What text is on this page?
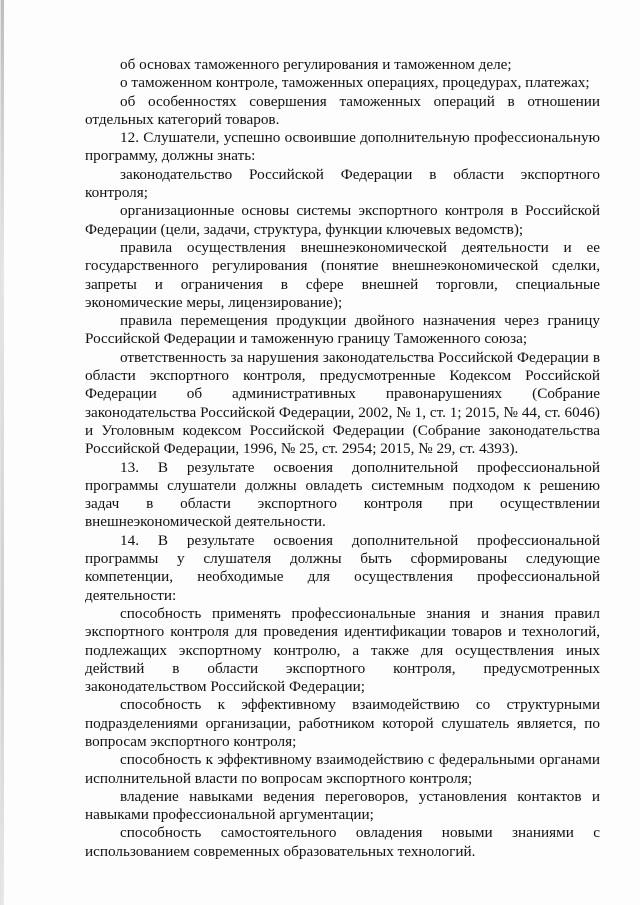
об основах таможенного регулирования и таможенном деле;

о таможенном контроле, таможенных операциях, процедурах, платежах;

об особенностях совершения таможенных операций в отношении отдельных категорий товаров.

12. Слушатели, успешно освоившие дополнительную профессиональную программу, должны знать:

законодательство Российской Федерации в области экспортного контроля;

организационные основы системы экспортного контроля в Российской Федерации (цели, задачи, структура, функции ключевых ведомств);

правила осуществления внешнеэкономической деятельности и ее государственного регулирования (понятие внешнеэкономической сделки, запреты и ограничения в сфере внешней торговли, специальные экономические меры, лицензирование);

правила перемещения продукции двойного назначения через границу Российской Федерации и таможенную границу Таможенного союза;

ответственность за нарушения законодательства Российской Федерации в области экспортного контроля, предусмотренные Кодексом Российской Федерации об административных правонарушениях (Собрание законодательства Российской Федерации, 2002, № 1, ст. 1; 2015, № 44, ст. 6046) и Уголовным кодексом Российской Федерации (Собрание законодательства Российской Федерации, 1996, № 25, ст. 2954; 2015, № 29, ст. 4393).

13. В результате освоения дополнительной профессиональной программы слушатели должны овладеть системным подходом к решению задач в области экспортного контроля при осуществлении внешнеэкономической деятельности.

14. В результате освоения дополнительной профессиональной программы у слушателя должны быть сформированы следующие компетенции, необходимые для осуществления профессиональной деятельности:

способность применять профессиональные знания и знания правил экспортного контроля для проведения идентификации товаров и технологий, подлежащих экспортному контролю, а также для осуществления иных действий в области экспортного контроля, предусмотренных законодательством Российской Федерации;

способность к эффективному взаимодействию со структурными подразделениями организации, работником которой слушатель является, по вопросам экспортного контроля;

способность к эффективному взаимодействию с федеральными органами исполнительной власти по вопросам экспортного контроля;

владение навыками ведения переговоров, установления контактов и навыками профессиональной аргументации;

способность самостоятельного овладения новыми знаниями с использованием современных образовательных технологий.
